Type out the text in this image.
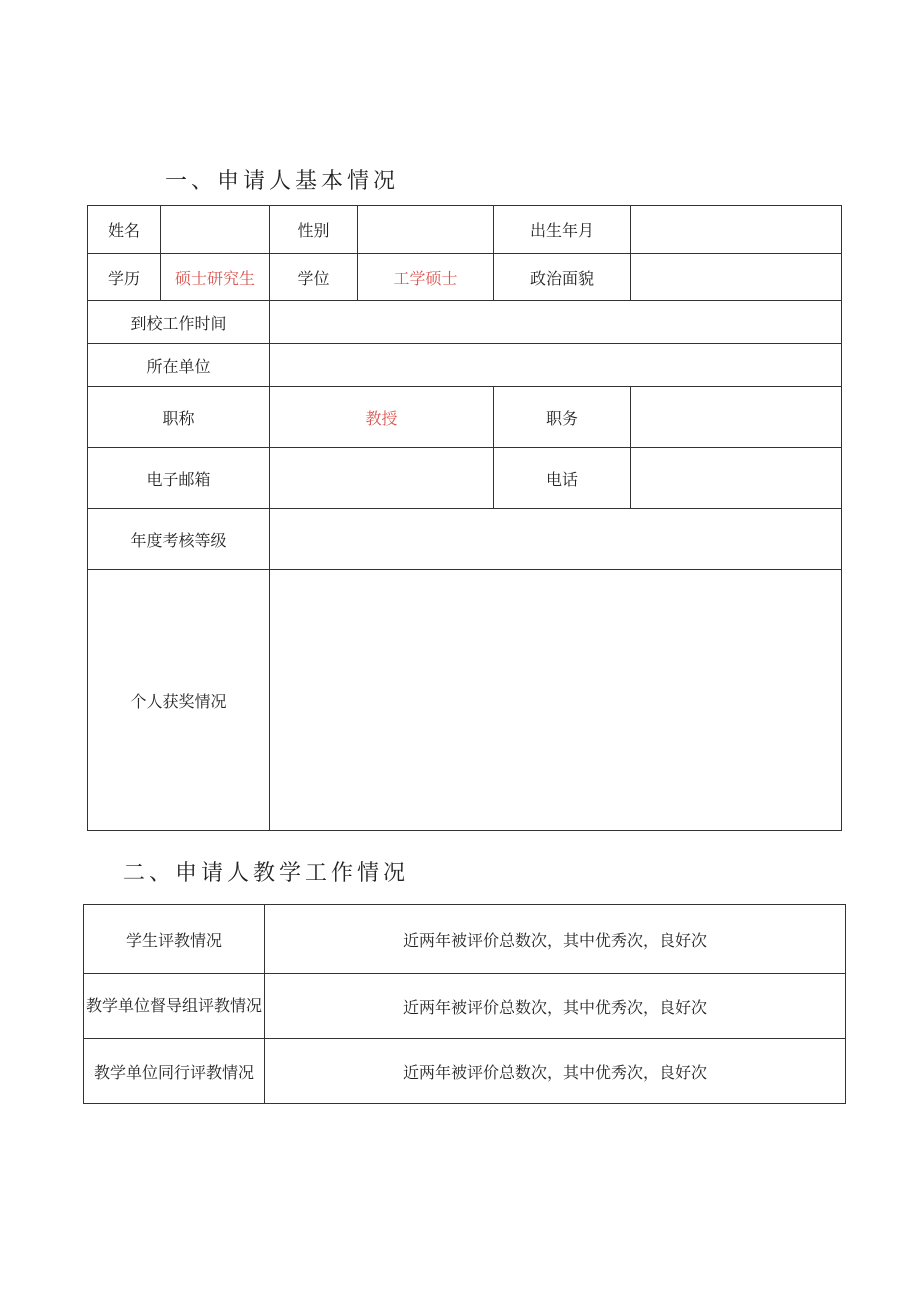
一、申请人基本情况
姓名		性别		出生年月	
学历	硕士研究生	学位	工学硕士	政治面貌	
到校工作时间					
所在单位					
职称		教授		职务	
电子邮箱				电话	
年度考核等级					
个人获奖情况					
二、申请人教学工作情况
学生评教情况	近两年被评价总数次，其中优秀次，良好次
教学单位督导组评教情况	近两年被评价总数次，其中优秀次，良好次
教学单位同行评教情况	近两年被评价总数次，其中优秀次，良好次
